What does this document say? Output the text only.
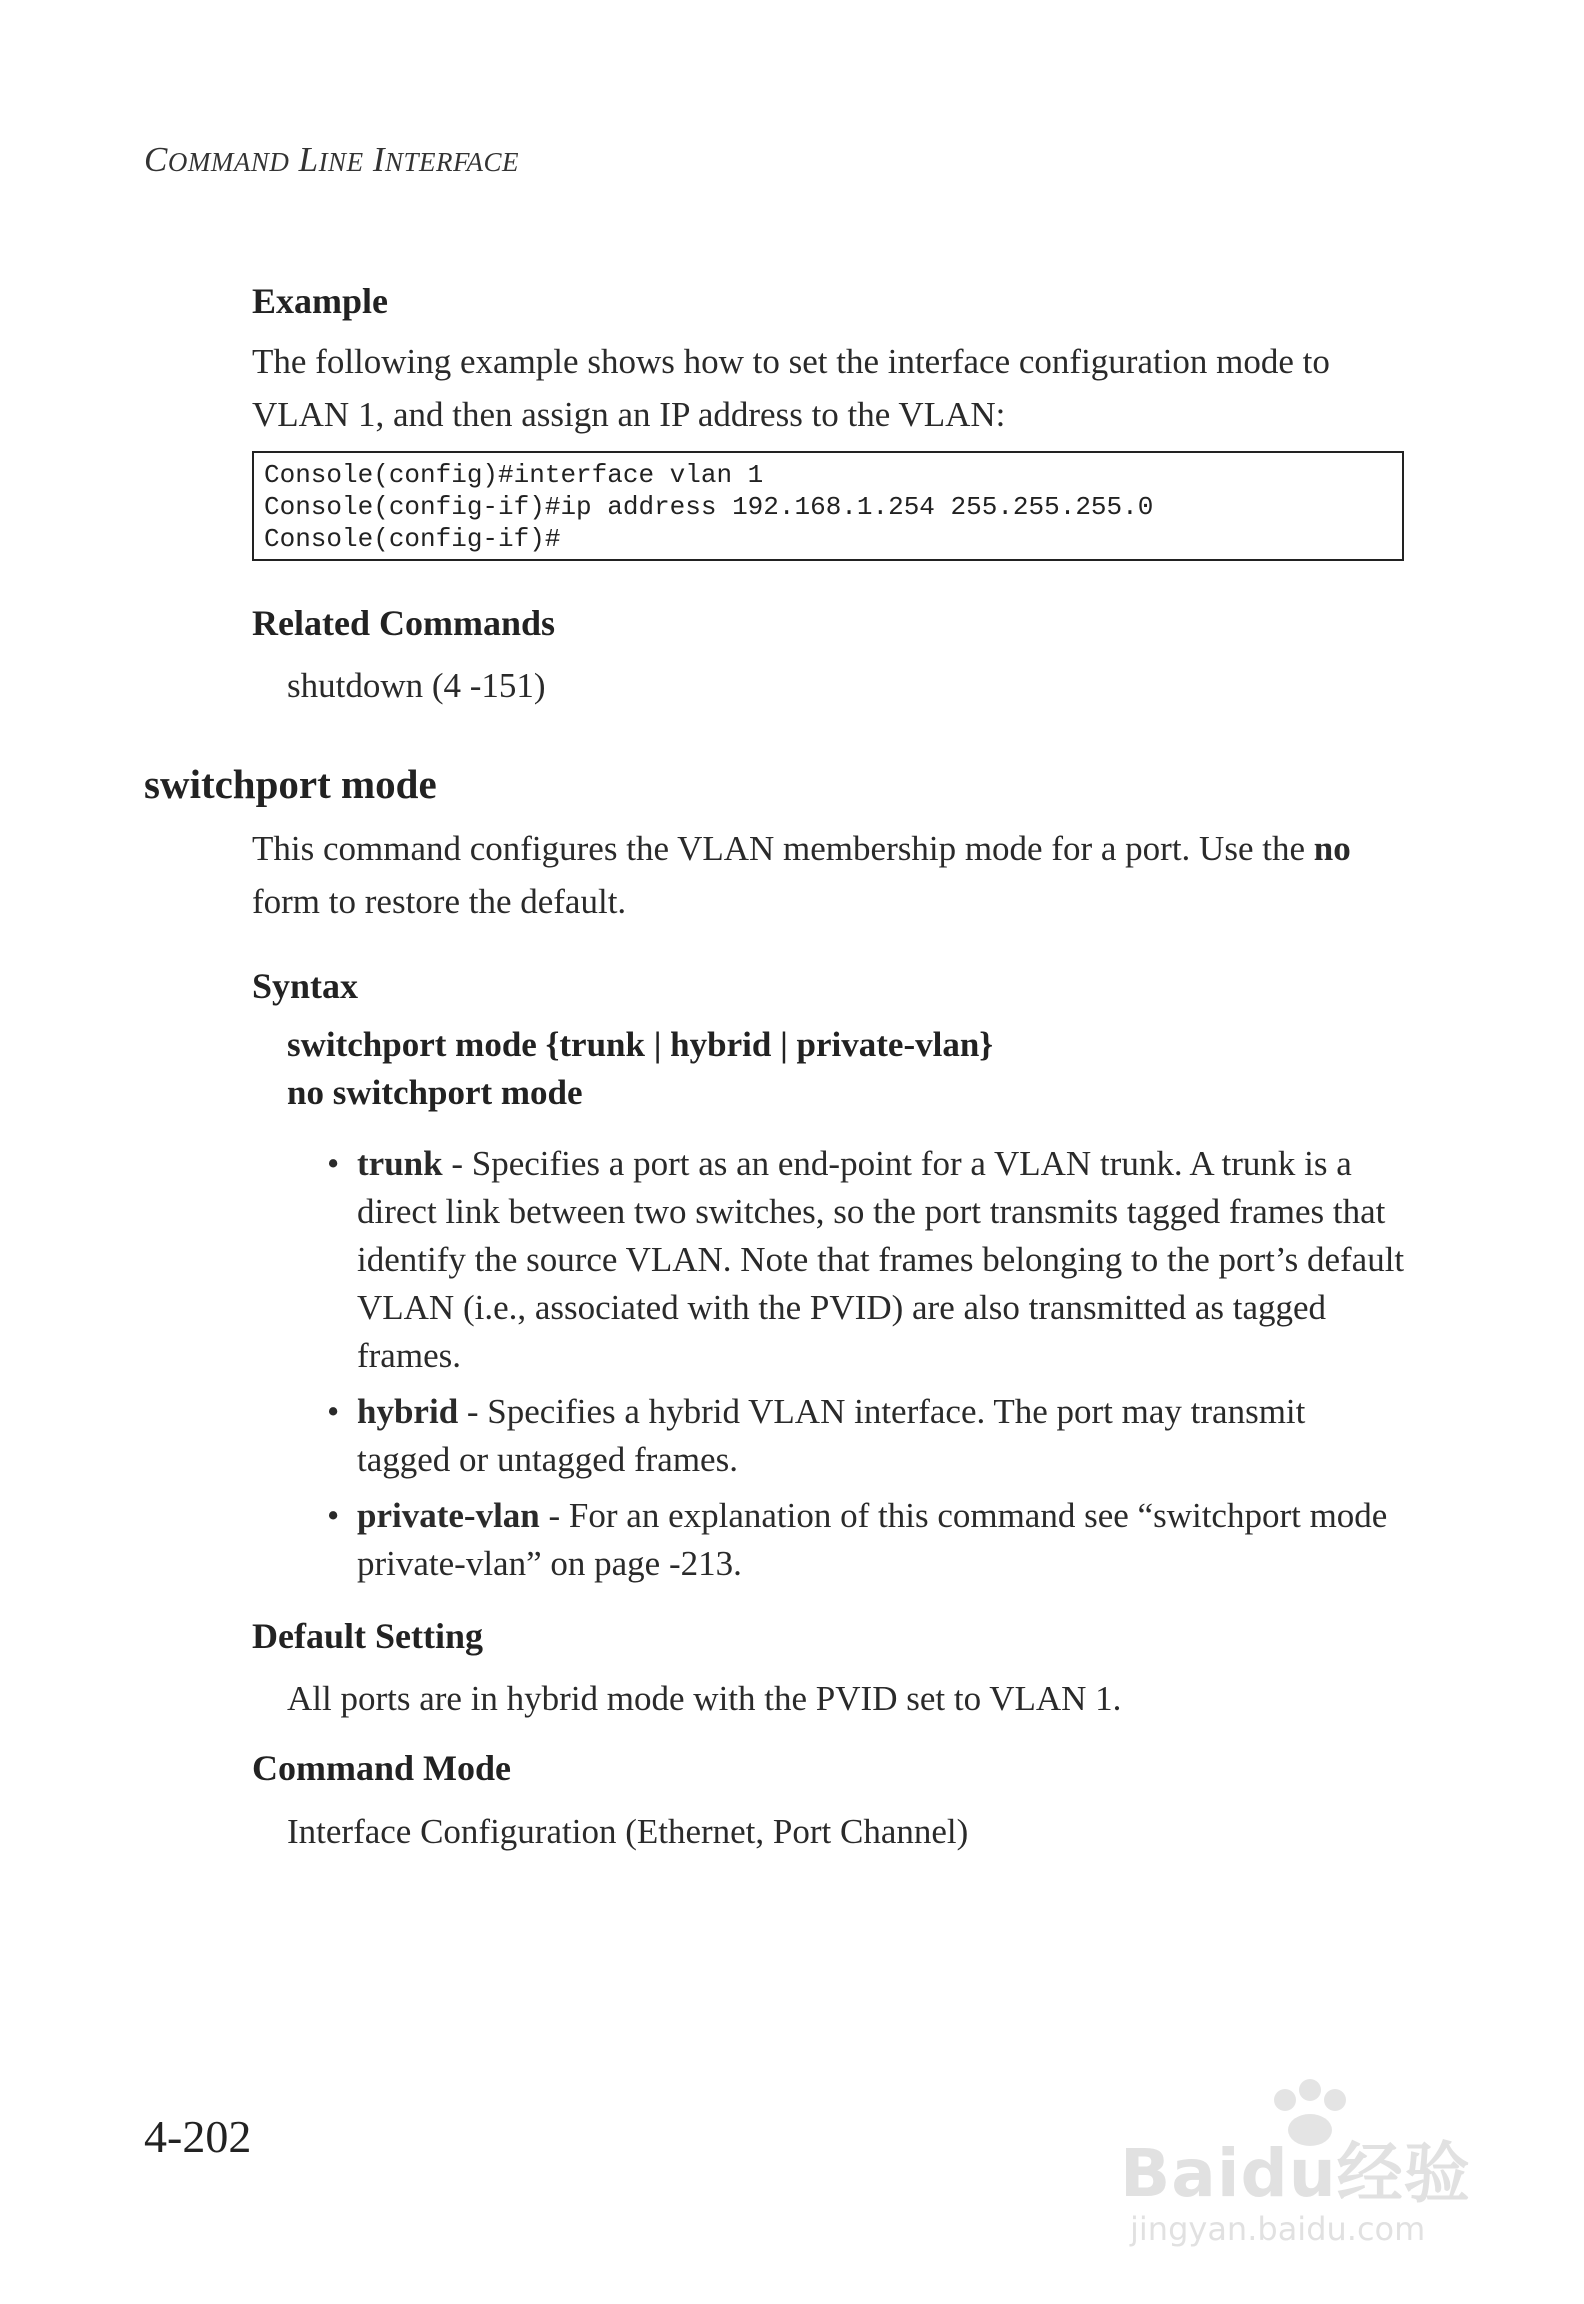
COMMAND LINE INTERFACE
Example
The following example shows how to set the interface configuration mode to VLAN 1, and then assign an IP address to the VLAN:
Console(config)#interface vlan 1
Console(config-if)#ip address 192.168.1.254 255.255.255.0
Console(config-if)#
Related Commands
shutdown (4 -151)
switchport mode
This command configures the VLAN membership mode for a port. Use the no form to restore the default.
Syntax
switchport mode {trunk | hybrid | private-vlan}
no switchport mode
• trunk - Specifies a port as an end-point for a VLAN trunk. A trunk is a direct link between two switches, so the port transmits tagged frames that identify the source VLAN. Note that frames belonging to the port’s default VLAN (i.e., associated with the PVID) are also transmitted as tagged frames.
• hybrid - Specifies a hybrid VLAN interface. The port may transmit tagged or untagged frames.
• private-vlan - For an explanation of this command see “switchport mode private-vlan” on page -213.
Default Setting
All ports are in hybrid mode with the PVID set to VLAN 1.
Command Mode
Interface Configuration (Ethernet, Port Channel)
4-202	Baidu经验
jingyan.baidu.com
